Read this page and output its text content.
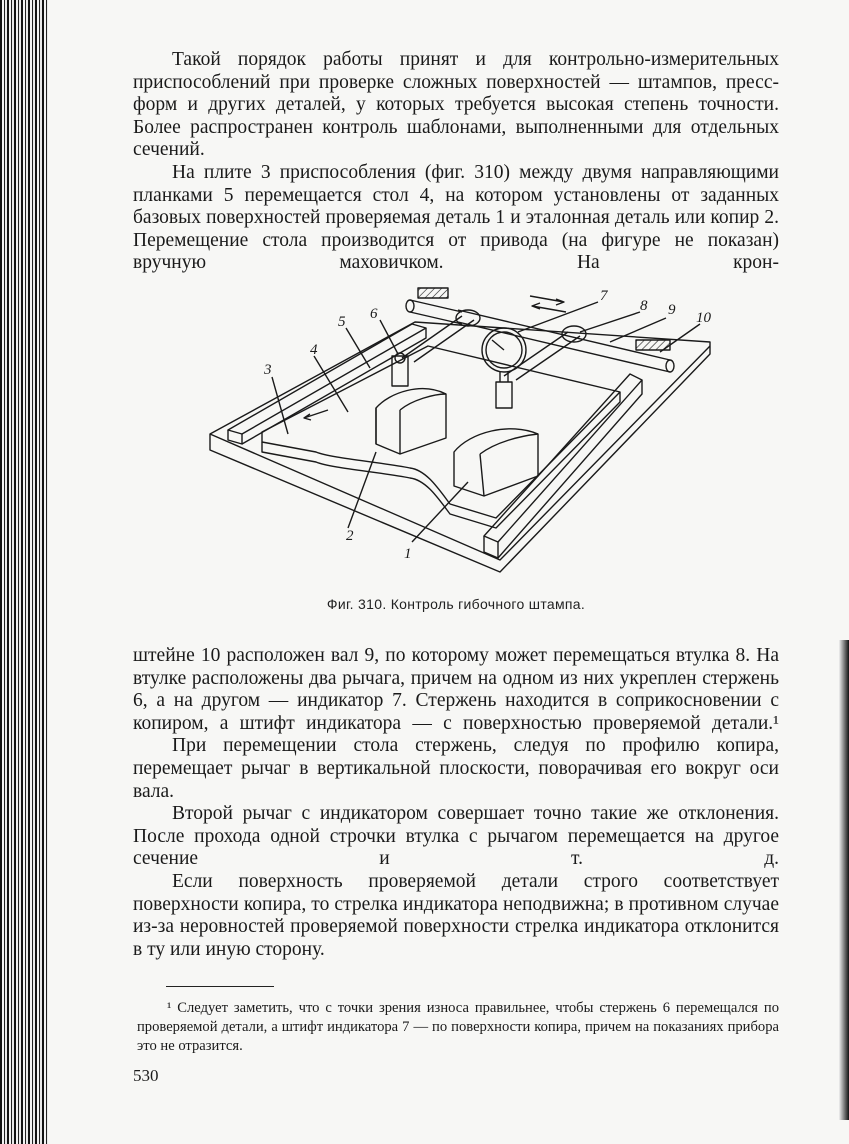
Такой порядок работы принят и для контрольно-измерительных приспособлений при проверке сложных поверхностей — штампов, пресс-форм и других деталей, у которых требуется высокая степень точности. Более распространен контроль шаблонами, выполненными для отдельных сечений.

На плите 3 приспособления (фиг. 310) между двумя направляющими планками 5 перемещается стол 4, на котором установлены от заданных базовых поверхностей проверяемая деталь 1 и эталонная деталь или копир 2. Перемещение стола производится от привода (на фигуре не показан) вручную маховичком. На крон-

3
4
5 6
7
8 9 10
2
1
Фиг. 310. Контроль гибочного штампа.

штейне 10 расположен вал 9, по которому может перемещаться втулка 8. На втулке расположены два рычага, причем на одном из них укреплен стержень 6, а на другом — индикатор 7. Стержень находится в соприкосновении с копиром, а штифт индикатора — с поверхностью проверяемой детали.¹

При перемещении стола стержень, следуя по профилю копира, перемещает рычаг в вертикальной плоскости, поворачивая его вокруг оси вала.

Второй рычаг с индикатором совершает точно такие же отклонения. После прохода одной строчки втулка с рычагом перемещается на другое сечение и т. д.

Если поверхность проверяемой детали строго соответствует поверхности копира, то стрелка индикатора неподвижна; в противном случае из-за неровностей проверяемой поверхности стрелка индикатора отклонится в ту или иную сторону.

¹ Следует заметить, что с точки зрения износа правильнее, чтобы стержень 6 перемещался по проверяемой детали, а штифт индикатора 7 — по поверхности копира, причем на показаниях прибора это не отразится.

530
